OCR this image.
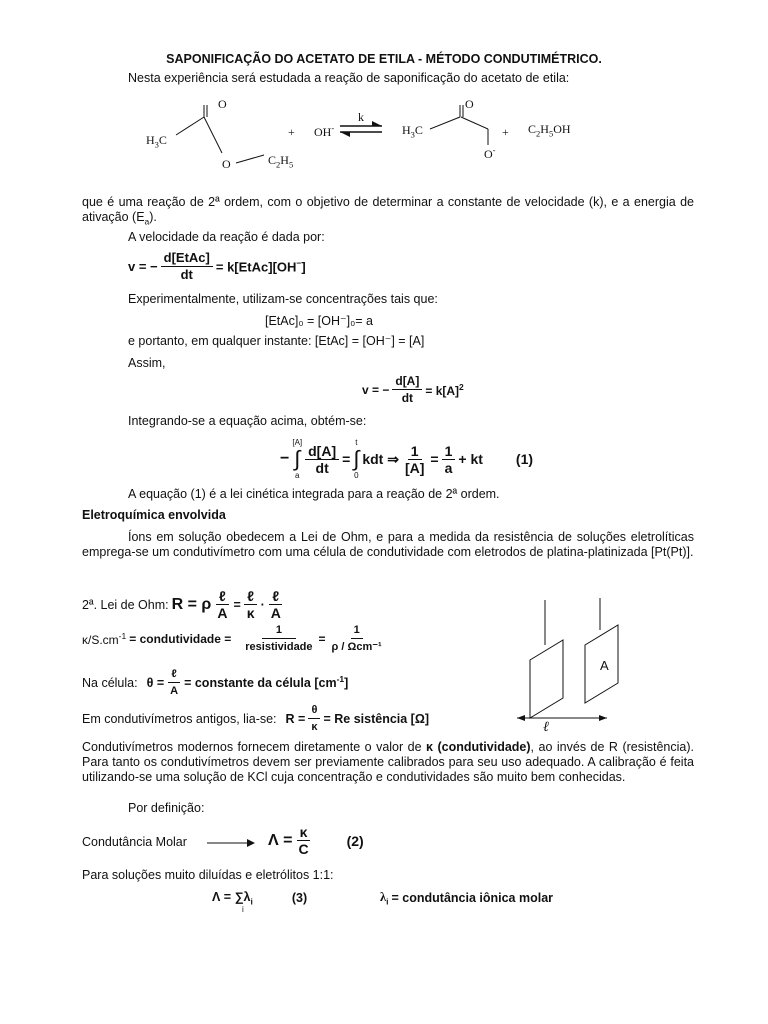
SAPONIFICAÇÃO DO ACETATO DE ETILA - MÉTODO CONDUTIMÉTRICO.
Nesta experiência será estudada a reação de saponificação do acetato de etila:
O
$H_3C$
O	$C_2H_5$
+ OH-
k
O
$H_3C$
O-
+ $C_2H_5OH$
que é uma reação de 2ª ordem, com o objetivo de determinar a constante de velocidade (k), e a energia de ativação $(E_a)$.
A velocidade da reação é dada por:
v = − $\frac{\text{d[EtAc]}}{dt}$ = k[EtAc][OH−]
Experimentalmente, utilizam-se concentrações tais que:
[EtAc]₀ = [OH⁻]₀= a
e portanto, em qualquer instante: [EtAc] = [OH⁻] = [A]
Assim,
v = − $\frac{d[A]}{dt} = k[A]^2$
Integrando-se a equação acima, obtém-se:
−
[A]
∫
a $\frac{d[A]}{dt}$ =
t
∫
0
kdt ⇒ $\frac{1}{[A]} = \frac{1}{a}$ + kt (1)
A equação (1) é a lei cinética integrada para a reação de 2ª ordem.
Eletroquímica envolvida
Íons em solução obedecem a Lei de Ohm, e para a medida da resistência de soluções eletrolíticas emprega-se um condutivímetro com uma célula de condutividade com eletrodos de platina-platinizada [Pt(Pt)].
2ª. Lei de Ohm: R = ρ $\frac{\text{ℓ}}{A} = \frac{\text{ℓ}}{\kappa} \cdot \frac{\text{ℓ}}{A}$
$\kappa/S.cm^{-1}$ = condutividade = $\frac{1}{\text{resistividade}} = \frac{1}{\text{ρ / Ωcm⁻¹}}$
Na célula: $\theta = \frac{\text{ℓ}}{A}$ = constante da célula $[cm^{-1}]$
Em condutivímetros antigos, lia-se: $R = \frac{\theta}{\kappa} = Re$ sistência [Ω]
A
ℓ
Condutivímetros modernos fornecem diretamente o valor de κ (condutividade), ao invés de R (resistência). Para tanto os condutivímetros devem ser previamente calibrados para seu uso adequado. A calibração é feita utilizando-se uma solução de KCl cuja concentração e condutividades são muito bem conhecidas.
Por definição:
Condutância Molar	$\Lambda = \frac{\kappa}{C}$	(2)
Para soluções muito diluídas e eletrólitos 1:1:
$\Lambda = \sum\lambda_i$
i
(3)	$\lambda_i$ = condutância iônica molar
